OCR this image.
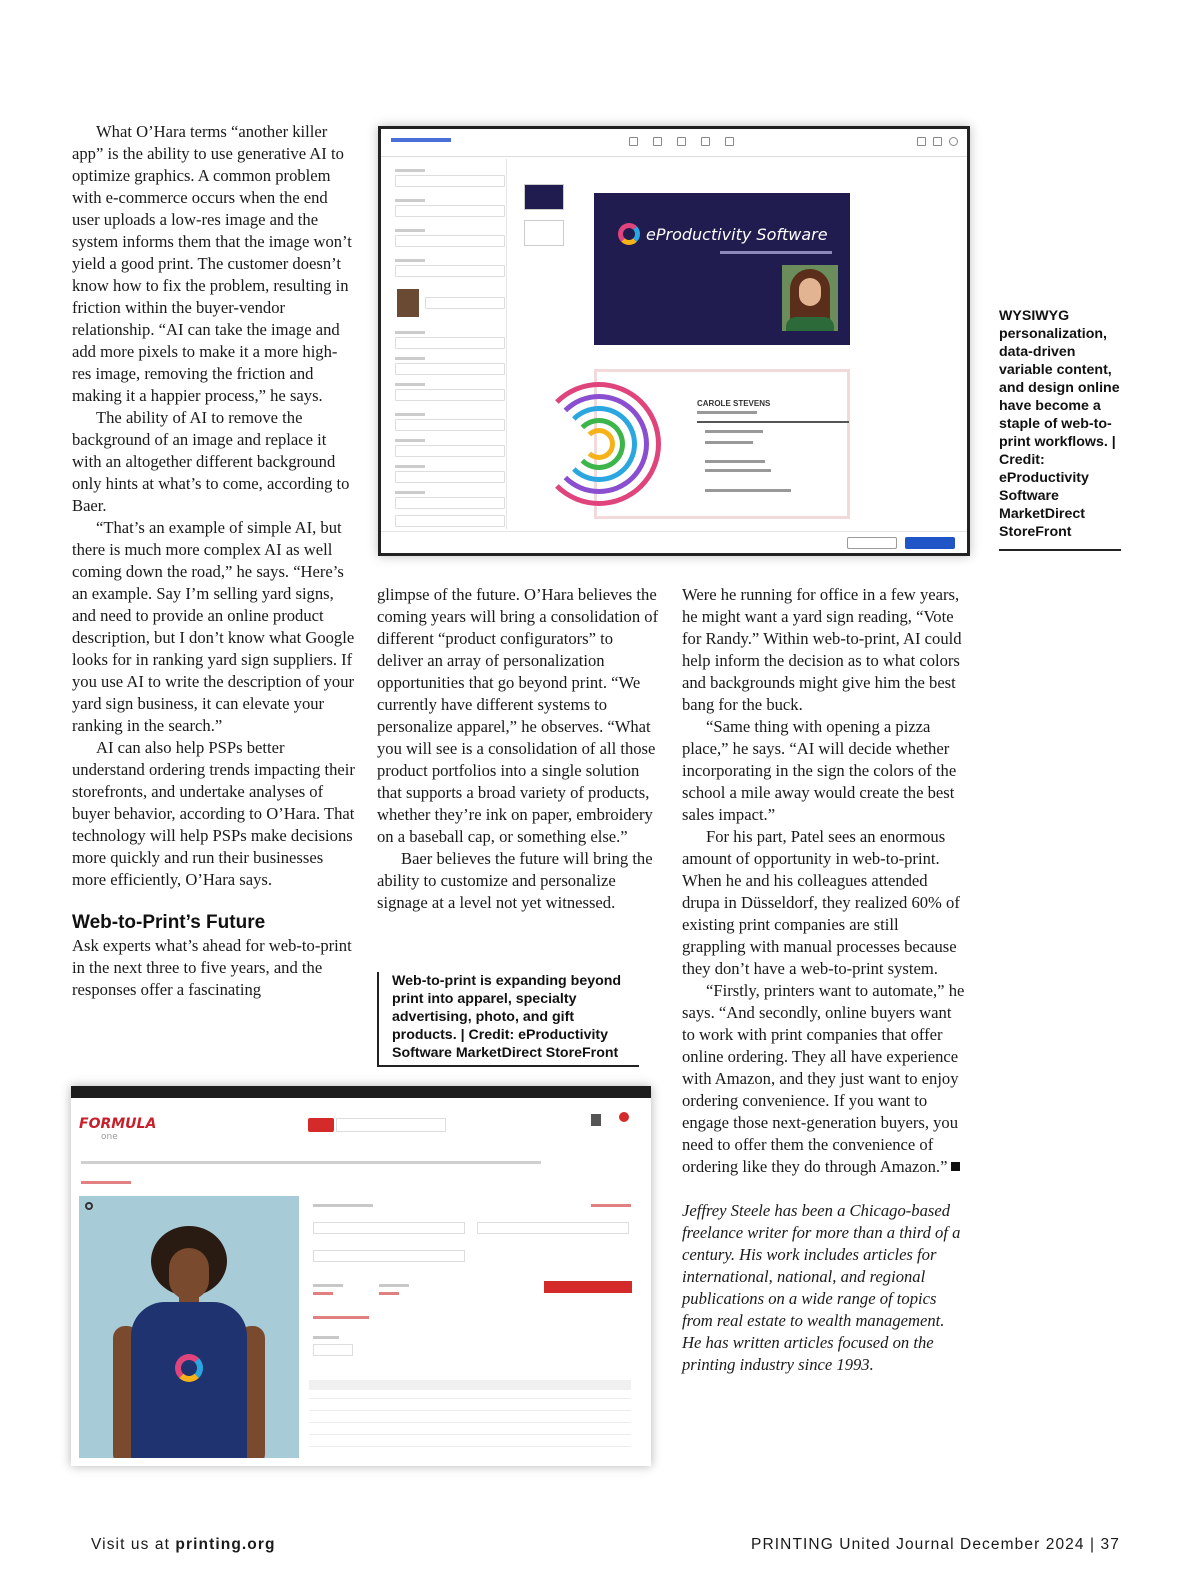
eProductivity Software
CAROLE STEVENS
WYSIWYG personalization, data-driven variable content, and design online have become a staple of web-to-print workflows. | Credit: eProductivity Software MarketDirect StoreFront

What O’Hara terms “another killer app” is the ability to use generative AI to optimize graphics. A common problem with e-commerce occurs when the end user uploads a low-res image and the system informs them that the image won’t yield a good print. The customer doesn’t know how to fix the problem, resulting in friction within the buyer-vendor relationship. “AI can take the image and add more pixels to make it a more high-res image, removing the friction and making it a happier process,” he says.

The ability of AI to remove the background of an image and replace it with an altogether different background only hints at what’s to come, according to Baer.

“That’s an example of simple AI, but there is much more complex AI as well coming down the road,” he says. “Here’s an example. Say I’m selling yard signs, and need to provide an online product description, but I don’t know what Google looks for in ranking yard sign suppliers. If you use AI to write the description of your yard sign business, it can elevate your ranking in the search.”

AI can also help PSPs better understand ordering trends impacting their storefronts, and undertake analyses of buyer behavior, according to O’Hara. That technology will help PSPs make decisions more quickly and run their businesses more efficiently, O’Hara says.

Web-to-Print’s Future

Ask experts what’s ahead for web-to-print in the next three to five years, and the responses offer a fascinating

glimpse of the future. O’Hara believes the coming years will bring a consolidation of different “product configurators” to deliver an array of personalization opportunities that go beyond print. “We currently have different systems to personalize apparel,” he observes. “What you will see is a consolidation of all those product portfolios into a single solution that supports a broad variety of products, whether they’re ink on paper, embroidery on a baseball cap, or something else.”

Baer believes the future will bring the ability to customize and personalize signage at a level not yet witnessed.

Web-to-print is expanding beyond print into apparel, specialty advertising, photo, and gift products. | Credit: eProductivity Software MarketDirect StoreFront

Were he running for office in a few years, he might want a yard sign reading, “Vote for Randy.” Within web-to-print, AI could help inform the decision as to what colors and backgrounds might give him the best bang for the buck.

“Same thing with opening a pizza place,” he says. “AI will decide whether incorporating in the sign the colors of the school a mile away would create the best sales impact.”

For his part, Patel sees an enormous amount of opportunity in web-to-print. When he and his colleagues attended drupa in Düsseldorf, they realized 60% of existing print companies are still grappling with manual processes because they don’t have a web-to-print system.

“Firstly, printers want to automate,” he says. “And secondly, online buyers want to work with print companies that offer online ordering. They all have experience with Amazon, and they just want to enjoy ordering convenience. If you want to engage those next-generation buyers, you need to offer them the convenience of ordering like they do through Amazon.”

Jeffrey Steele has been a Chicago-based freelance writer for more than a third of a century. His work includes articles for international, national, and regional publications on a wide range of topics from real estate to wealth management. He has written articles focused on the printing industry since 1993.

FORMULA
one
Visit us at printing.org	PRINTING United Journal December 2024 | 37
